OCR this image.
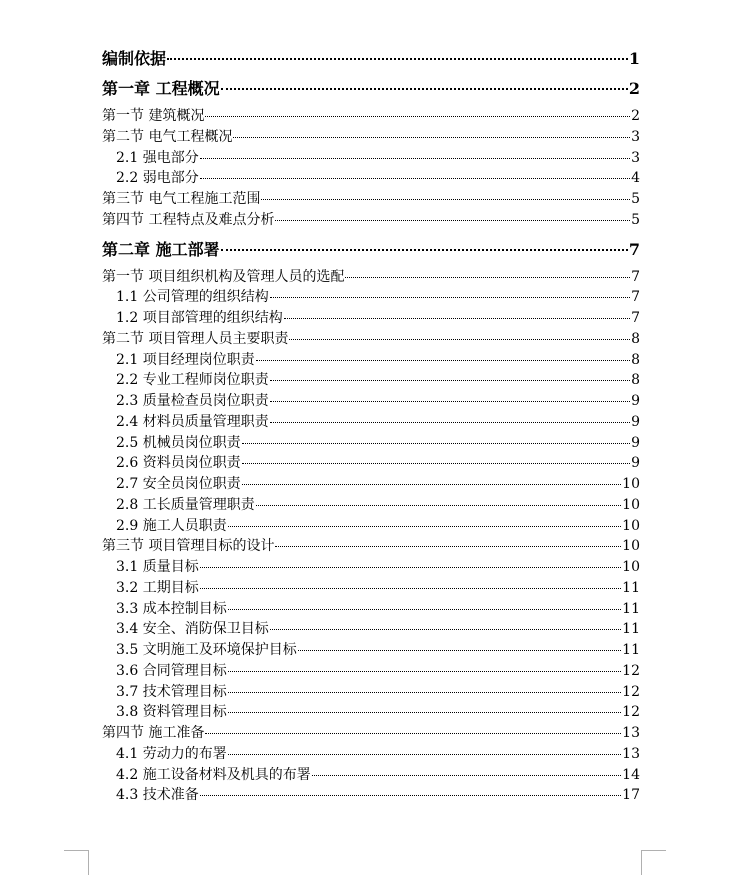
编制依据	1
第一章 工程概况	2
第一节 建筑概况	2
第二节 电气工程概况	3
2.1 强电部分	3
2.2 弱电部分	4
第三节 电气工程施工范围	5
第四节 工程特点及难点分析	5
第二章 施工部署	7
第一节 项目组织机构及管理人员的选配	7
1.1 公司管理的组织结构	7
1.2 项目部管理的组织结构	7
第二节 项目管理人员主要职责	8
2.1 项目经理岗位职责	8
2.2 专业工程师岗位职责	8
2.3 质量检查员岗位职责	9
2.4 材料员质量管理职责	9
2.5 机械员岗位职责	9
2.6 资料员岗位职责	9
2.7 安全员岗位职责	10
2.8 工长质量管理职责	10
2.9 施工人员职责	10
第三节 项目管理目标的设计	10
3.1 质量目标	10
3.2 工期目标	11
3.3 成本控制目标	11
3.4 安全、消防保卫目标	11
3.5 文明施工及环境保护目标	11
3.6 合同管理目标	12
3.7 技术管理目标	12
3.8 资料管理目标	12
第四节 施工准备	13
4.1 劳动力的布署	13
4.2 施工设备材料及机具的布署	14
4.3 技术准备	17
